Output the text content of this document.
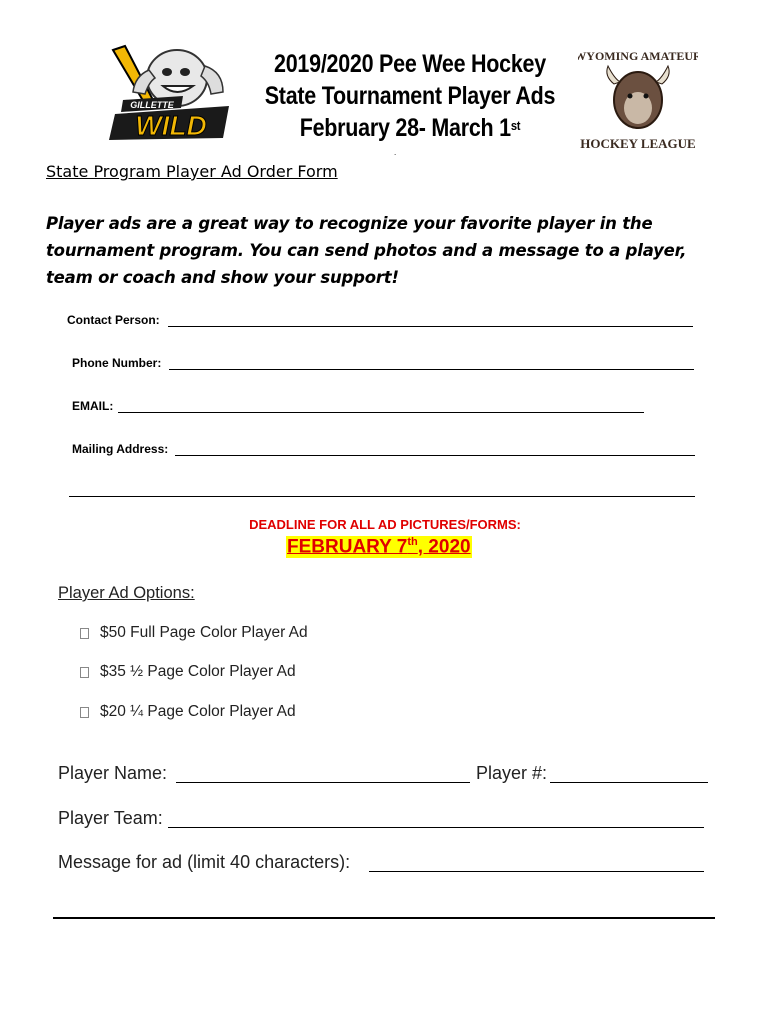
GILLETTE
WILD
2019/2020 Pee Wee Hockey
State Tournament Player Ads
February 28- March 1st
.
WYOMING AMATEUR
HOCKEY LEAGUE
State Program Player Ad Order Form
Player ads are a great way to recognize your favorite player in the tournament program. You can send photos and a message to a player, team or coach and show your support!
Contact Person:
Phone Number:
EMAIL:
Mailing Address:
DEADLINE FOR ALL AD PICTURES/FORMS:
FEBRUARY 7th, 2020
Player Ad Options:
$50 Full Page Color Player Ad
$35 ½ Page Color Player Ad
$20 ¼ Page Color Player Ad
Player Name:	Player #:
Player Team:
Message for ad (limit 40 characters):
